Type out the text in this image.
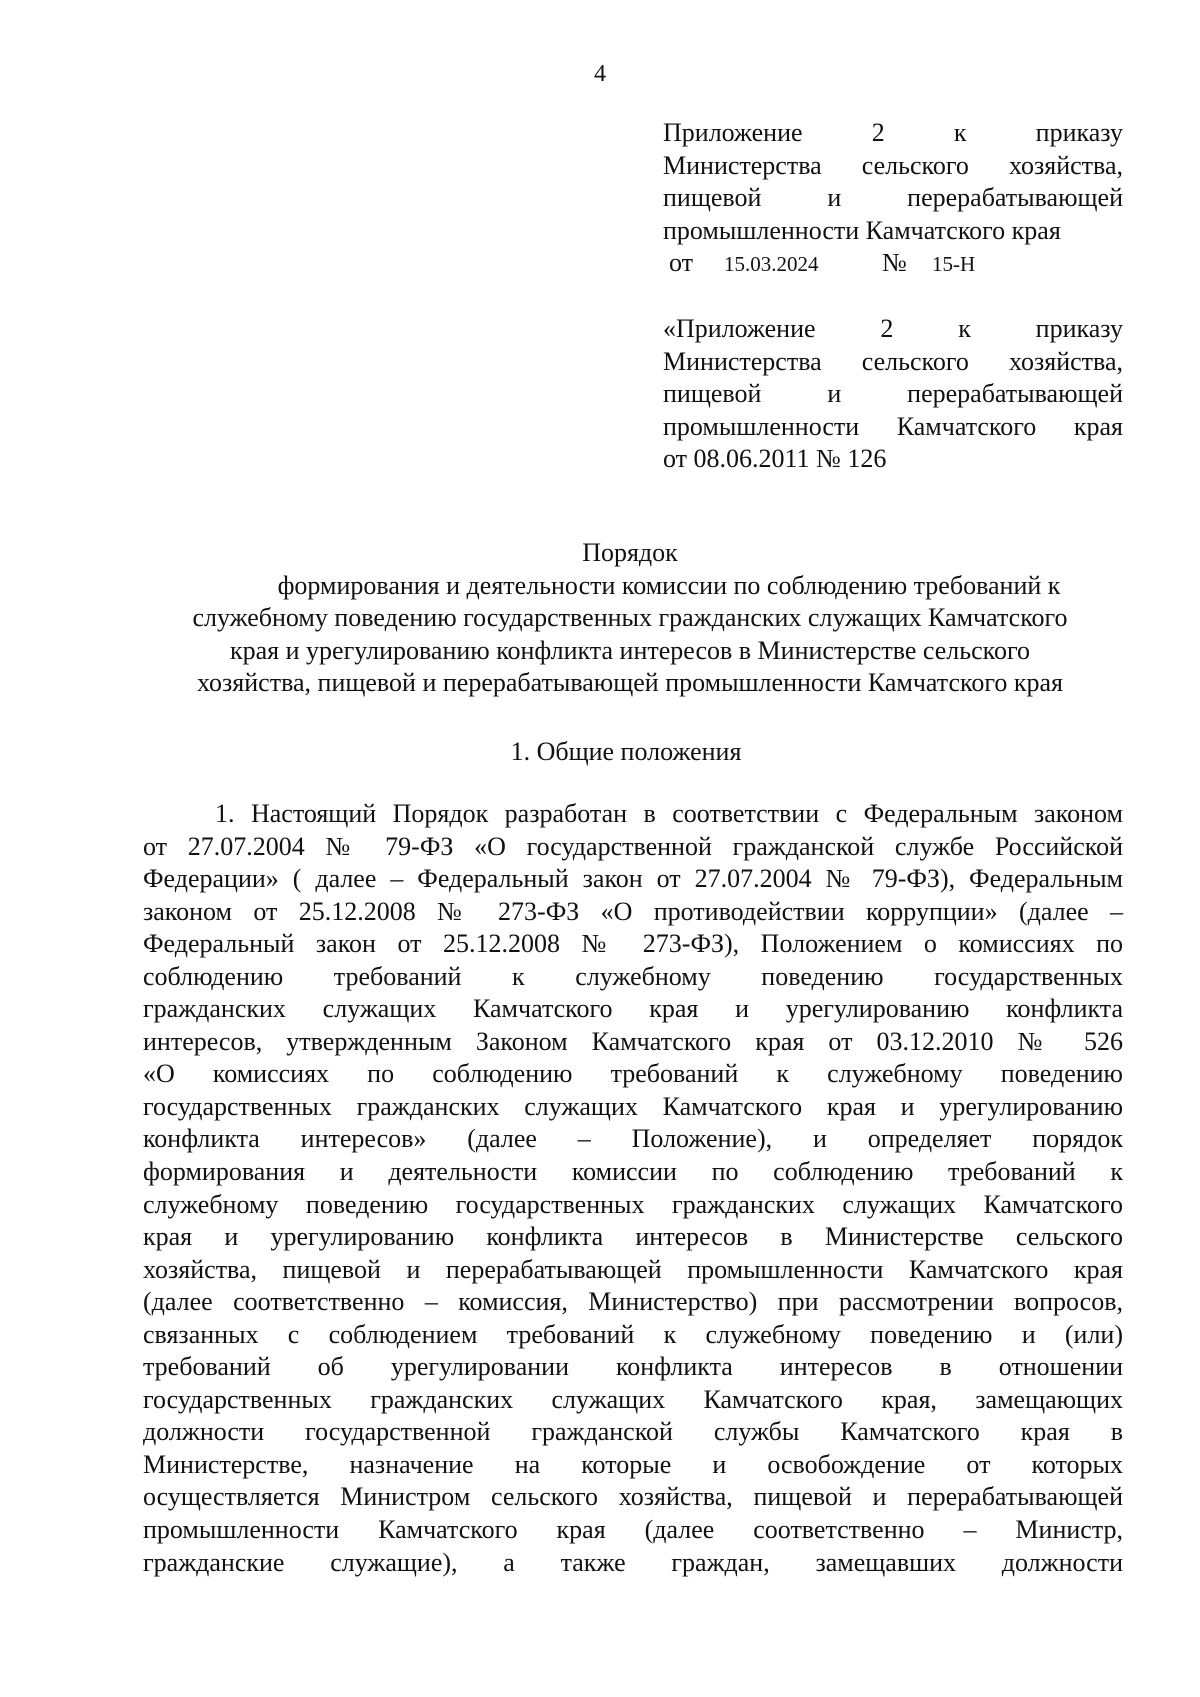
4
Приложение 2 к приказу
Министерства сельского хозяйства,
пищевой и перерабатывающей
промышленности Камчатского края
от 15.03.2024 № 15-Н
«Приложение 2 к приказу
Министерства сельского хозяйства,
пищевой и перерабатывающей
промышленности Камчатского края
от 08.06.2011 № 126
Порядок
формирования и деятельности комиссии по соблюдению требований к
служебному поведению государственных гражданских служащих Камчатского
края и урегулированию конфликта интересов в Министерстве сельского
хозяйства, пищевой и перерабатывающей промышленности Камчатского края
1. Общие положения
1. Настоящий Порядок разработан в соответствии с Федеральным законом
от 27.07.2004 № 79-ФЗ «О государственной гражданской службе Российской
Федерации» ( далее – Федеральный закон от 27.07.2004 № 79-ФЗ), Федеральным
законом от 25.12.2008 № 273-ФЗ «О противодействии коррупции» (далее –
Федеральный закон от 25.12.2008 № 273-ФЗ), Положением о комиссиях по
соблюдению требований к служебному поведению государственных
гражданских служащих Камчатского края и урегулированию конфликта
интересов, утвержденным Законом Камчатского края от 03.12.2010 № 526
«О комиссиях по соблюдению требований к служебному поведению
государственных гражданских служащих Камчатского края и урегулированию
конфликта интересов» (далее – Положение), и определяет порядок
формирования и деятельности комиссии по соблюдению требований к
служебному поведению государственных гражданских служащих Камчатского
края и урегулированию конфликта интересов в Министерстве сельского
хозяйства, пищевой и перерабатывающей промышленности Камчатского края
(далее соответственно – комиссия, Министерство) при рассмотрении вопросов,
связанных с соблюдением требований к служебному поведению и (или)
требований об урегулировании конфликта интересов в отношении
государственных гражданских служащих Камчатского края, замещающих
должности государственной гражданской службы Камчатского края в
Министерстве, назначение на которые и освобождение от которых
осуществляется Министром сельского хозяйства, пищевой и перерабатывающей
промышленности Камчатского края (далее соответственно – Министр,
гражданские служащие), а также граждан, замещавших должности
